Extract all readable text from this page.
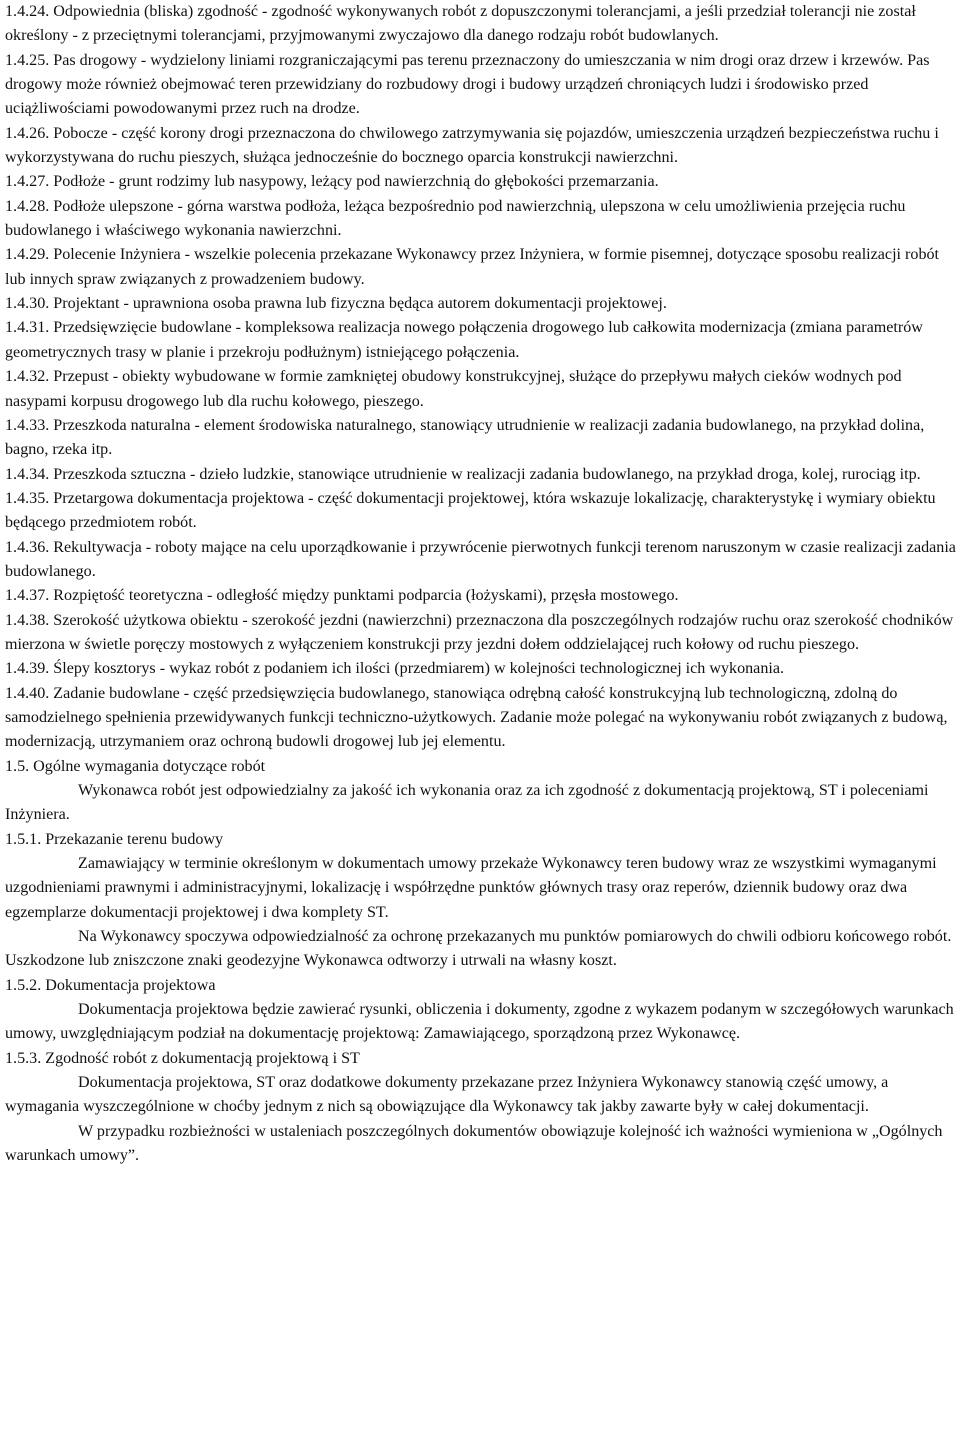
1.4.24. Odpowiednia (bliska) zgodność - zgodność wykonywanych robót z dopuszczonymi tolerancjami, a jeśli przedział tolerancji nie został określony - z przeciętnymi tolerancjami, przyjmowanymi zwyczajowo dla danego rodzaju robót budowlanych.

1.4.25. Pas drogowy - wydzielony liniami rozgraniczającymi pas terenu przeznaczony do umieszczania w nim drogi oraz drzew i krzewów. Pas drogowy może również obejmować teren przewidziany do rozbudowy drogi i budowy urządzeń chroniących ludzi i środowisko przed uciążliwościami powodowanymi przez ruch na drodze.

1.4.26. Pobocze - część korony drogi przeznaczona do chwilowego zatrzymywania się pojazdów, umieszczenia urządzeń bezpieczeństwa ruchu i wykorzystywana do ruchu pieszych, służąca jednocześnie do bocznego oparcia konstrukcji nawierzchni.

1.4.27. Podłoże - grunt rodzimy lub nasypowy, leżący pod nawierzchnią do głębokości przemarzania.

1.4.28. Podłoże ulepszone - górna warstwa podłoża, leżąca bezpośrednio pod nawierzchnią, ulepszona w celu umożliwienia przejęcia ruchu budowlanego i właściwego wykonania nawierzchni.

1.4.29. Polecenie Inżyniera - wszelkie polecenia przekazane Wykonawcy przez Inżyniera, w formie pisemnej, dotyczące sposobu realizacji robót lub innych spraw związanych z prowadzeniem budowy.

1.4.30. Projektant - uprawniona osoba prawna lub fizyczna będąca autorem dokumentacji projektowej.

1.4.31. Przedsięwzięcie budowlane - kompleksowa realizacja nowego połączenia drogowego lub całkowita modernizacja (zmiana parametrów geometrycznych trasy w planie i przekroju podłużnym) istniejącego połączenia.

1.4.32. Przepust - obiekty wybudowane w formie zamkniętej obudowy konstrukcyjnej, służące do przepływu małych cieków wodnych pod nasypami korpusu drogowego lub dla ruchu kołowego, pieszego.

1.4.33. Przeszkoda naturalna - element środowiska naturalnego, stanowiący utrudnienie w realizacji zadania budowlanego, na przykład dolina, bagno, rzeka itp.

1.4.34. Przeszkoda sztuczna - dzieło ludzkie, stanowiące utrudnienie w realizacji zadania budowlanego, na przykład droga, kolej, rurociąg itp.

1.4.35. Przetargowa dokumentacja projektowa - część dokumentacji projektowej, która wskazuje lokalizację, charakterystykę i wymiary obiektu będącego przedmiotem robót.

1.4.36. Rekultywacja - roboty mające na celu uporządkowanie i przywrócenie pierwotnych funkcji terenom naruszonym w czasie realizacji zadania budowlanego.

1.4.37. Rozpiętość teoretyczna - odległość między punktami podparcia (łożyskami), przęsła mostowego.

1.4.38. Szerokość użytkowa obiektu - szerokość jezdni (nawierzchni) przeznaczona dla poszczególnych rodzajów ruchu oraz szerokość chodników mierzona w świetle poręczy mostowych z wyłączeniem konstrukcji przy jezdni dołem oddzielającej ruch kołowy od ruchu pieszego.

1.4.39. Ślepy kosztorys - wykaz robót z podaniem ich ilości (przedmiarem) w kolejności technologicznej ich wykonania.

1.4.40. Zadanie budowlane - część przedsięwzięcia budowlanego, stanowiąca odrębną całość konstrukcyjną lub technologiczną, zdolną do samodzielnego spełnienia przewidywanych funkcji techniczno-użytkowych. Zadanie może polegać na wykonywaniu robót związanych z budową, modernizacją, utrzymaniem oraz ochroną budowli drogowej lub jej elementu.

1.5. Ogólne wymagania dotyczące robót

Wykonawca robót jest odpowiedzialny za jakość ich wykonania oraz za ich zgodność z dokumentacją projektową, ST i poleceniami Inżyniera.

1.5.1. Przekazanie terenu budowy

Zamawiający w terminie określonym w dokumentach umowy przekaże Wykonawcy teren budowy wraz ze wszystkimi wymaganymi uzgodnieniami prawnymi i administracyjnymi, lokalizację i współrzędne punktów głównych trasy oraz reperów, dziennik budowy oraz dwa egzemplarze dokumentacji projektowej i dwa komplety ST.

Na Wykonawcy spoczywa odpowiedzialność za ochronę przekazanych mu punktów pomiarowych do chwili odbioru końcowego robót. Uszkodzone lub zniszczone znaki geodezyjne Wykonawca odtworzy i utrwali na własny koszt.

1.5.2. Dokumentacja projektowa

Dokumentacja projektowa będzie zawierać rysunki, obliczenia i dokumenty, zgodne z wykazem podanym w szczegółowych warunkach umowy, uwzględniającym podział na dokumentację projektową: Zamawiającego, sporządzoną przez Wykonawcę.

1.5.3. Zgodność robót z dokumentacją projektową i ST

Dokumentacja projektowa, ST oraz dodatkowe dokumenty przekazane przez Inżyniera Wykonawcy stanowią część umowy, a wymagania wyszczególnione w choćby jednym z nich są obowiązujące dla Wykonawcy tak jakby zawarte były w całej dokumentacji.

W przypadku rozbieżności w ustaleniach poszczególnych dokumentów obowiązuje kolejność ich ważności wymieniona w „Ogólnych warunkach umowy”.
